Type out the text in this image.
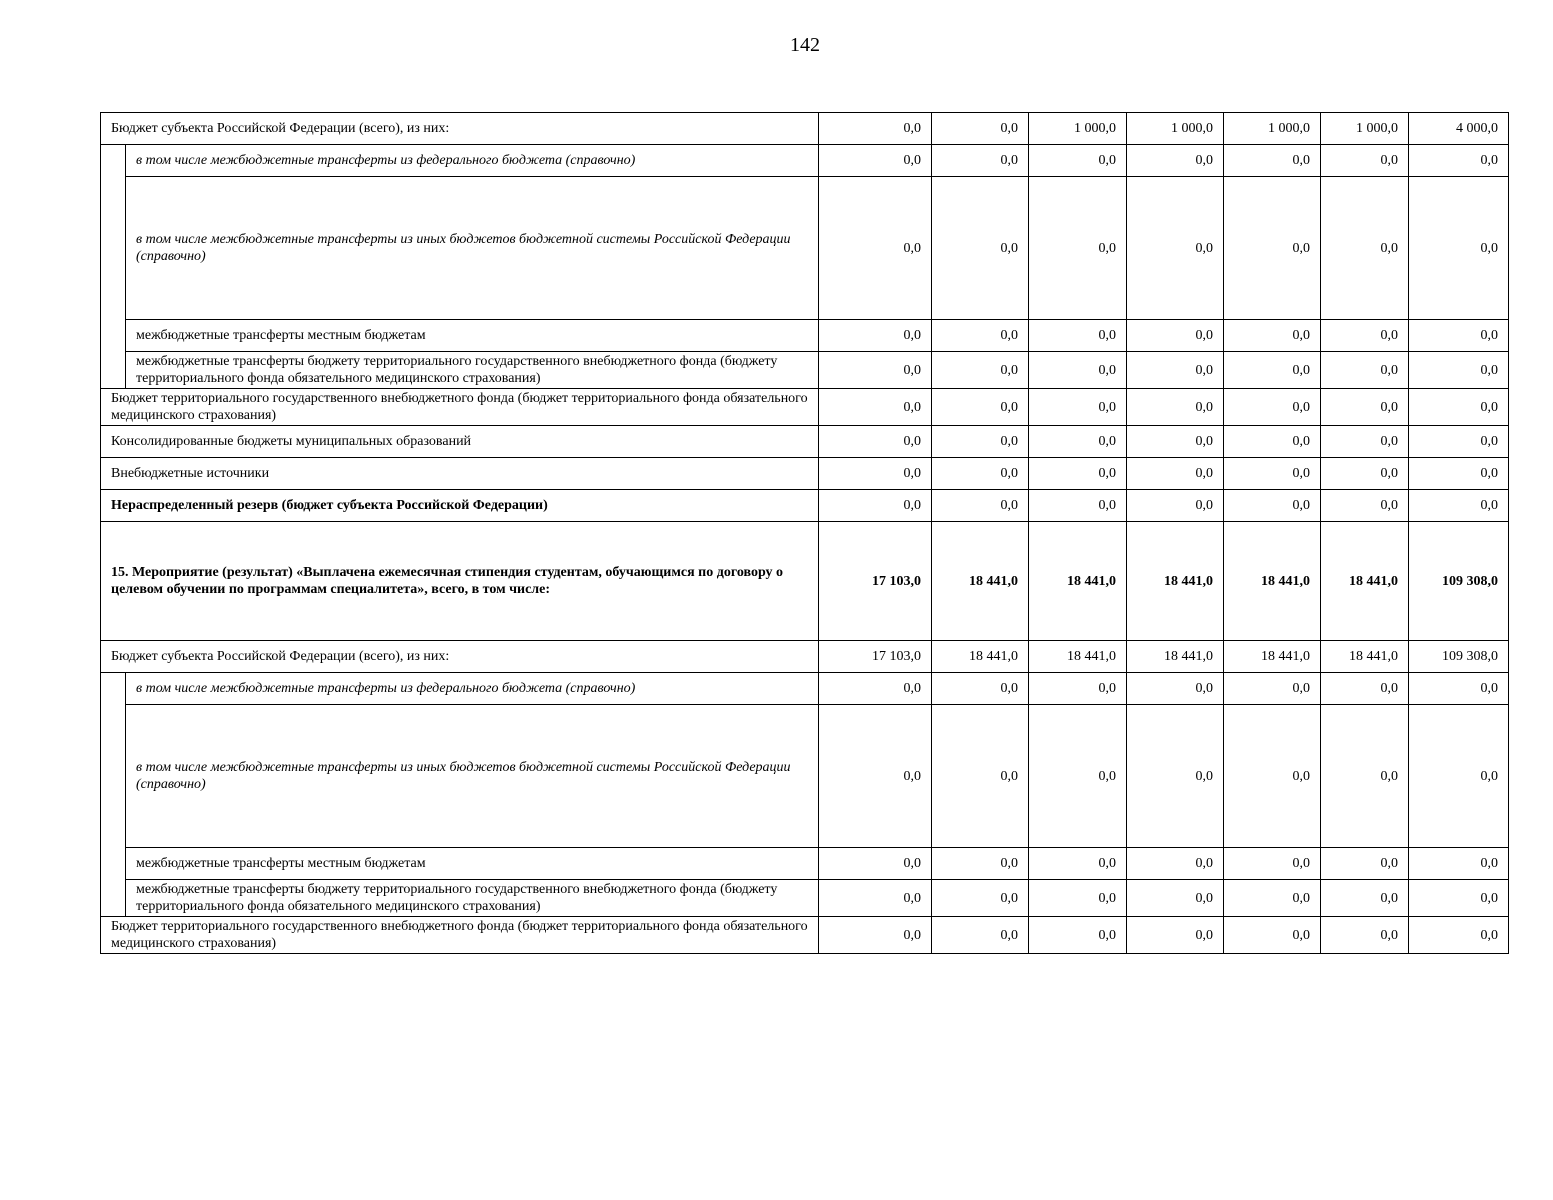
142
Бюджет субъекта Российской Федерации (всего), из них:		0,0	0,0	1 000,0	1 000,0	1 000,0	1 000,0	4 000,0
	в том числе межбюджетные трансферты из федерального бюджета (справочно)	0,0	0,0	0,0	0,0	0,0	0,0	0,0
	в том числе межбюджетные трансферты из иных бюджетов бюджетной системы Российской Федерации (справочно)	0,0	0,0	0,0	0,0	0,0	0,0	0,0
	межбюджетные трансферты местным бюджетам	0,0	0,0	0,0	0,0	0,0	0,0	0,0
	межбюджетные трансферты бюджету территориального государственного внебюджетного фонда (бюджету территориального фонда обязательного медицинского страхования)	0,0	0,0	0,0	0,0	0,0	0,0	0,0
Бюджет территориального государственного внебюджетного фонда (бюджет территориального фонда обязательного медицинского страхования)		0,0	0,0	0,0	0,0	0,0	0,0	0,0
Консолидированные бюджеты муниципальных образований		0,0	0,0	0,0	0,0	0,0	0,0	0,0
Внебюджетные источники		0,0	0,0	0,0	0,0	0,0	0,0	0,0
Нераспределенный резерв (бюджет субъекта Российской Федерации)		0,0	0,0	0,0	0,0	0,0	0,0	0,0
15. Мероприятие (результат) «Выплачена ежемесячная стипендия студентам, обучающимся по договору о целевом обучении по программам специалитета», всего, в том числе:		17 103,0	18 441,0	18 441,0	18 441,0	18 441,0	18 441,0	109 308,0
Бюджет субъекта Российской Федерации (всего), из них:		17 103,0	18 441,0	18 441,0	18 441,0	18 441,0	18 441,0	109 308,0
	в том числе межбюджетные трансферты из федерального бюджета (справочно)	0,0	0,0	0,0	0,0	0,0	0,0	0,0
	в том числе межбюджетные трансферты из иных бюджетов бюджетной системы Российской Федерации (справочно)	0,0	0,0	0,0	0,0	0,0	0,0	0,0
	межбюджетные трансферты местным бюджетам	0,0	0,0	0,0	0,0	0,0	0,0	0,0
	межбюджетные трансферты бюджету территориального государственного внебюджетного фонда (бюджету территориального фонда обязательного медицинского страхования)	0,0	0,0	0,0	0,0	0,0	0,0	0,0
Бюджет территориального государственного внебюджетного фонда (бюджет территориального фонда обязательного медицинского страхования)		0,0	0,0	0,0	0,0	0,0	0,0	0,0
